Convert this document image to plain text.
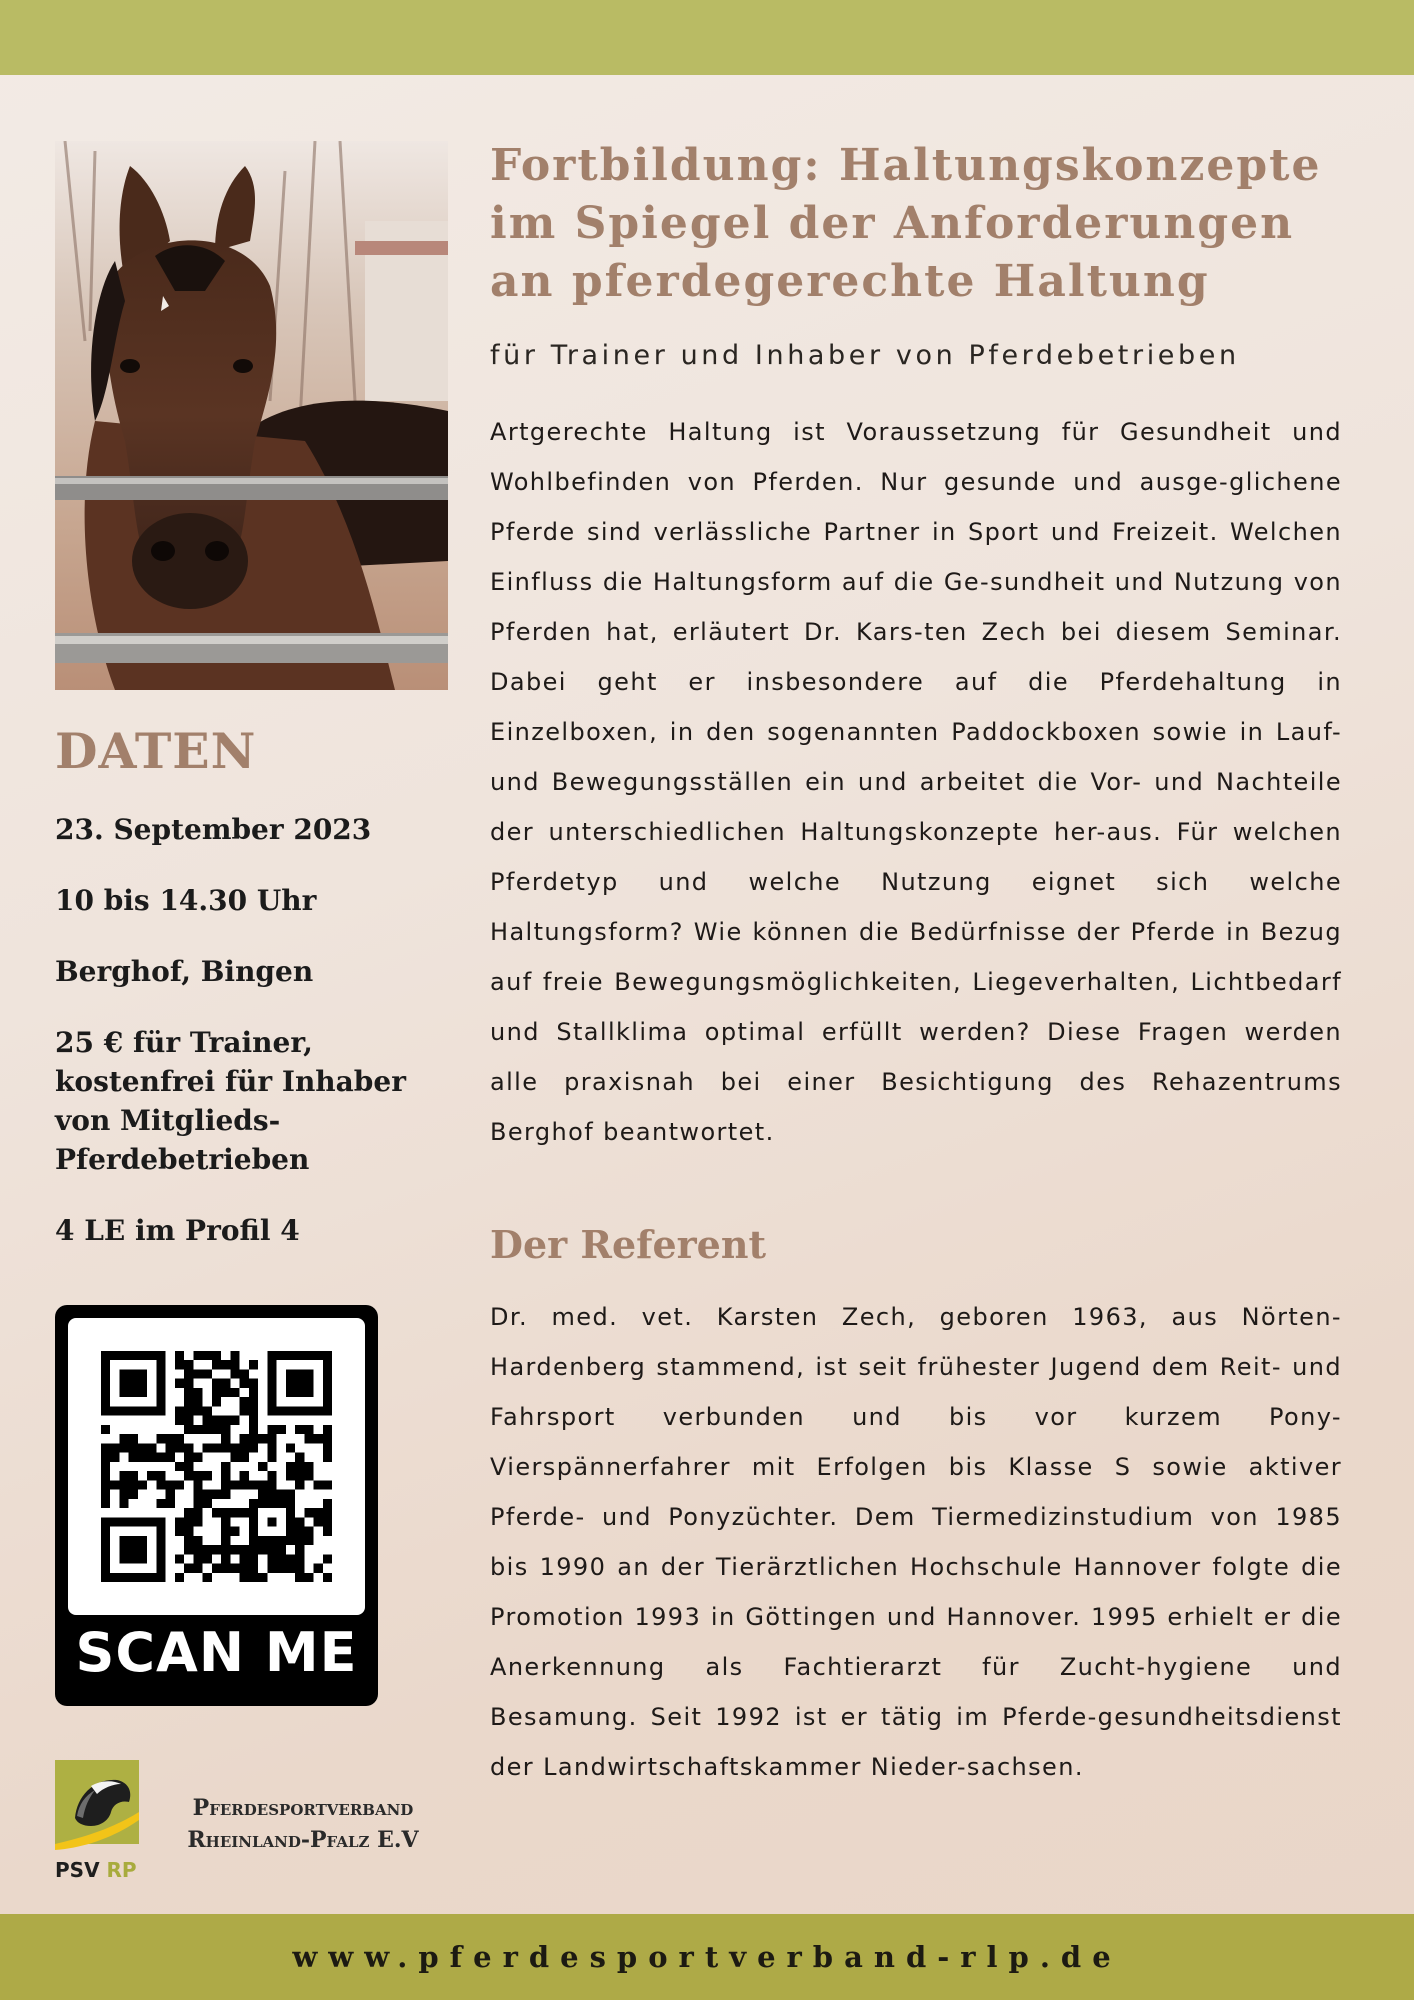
DATEN
23. September 2023
10 bis 14.30 Uhr
Berghof, Bingen
25 € für Trainer, kostenfrei für Inhaber von Mitglieds-Pferdebetrieben
4 LE im Profil 4
SCAN ME
PSV RP
Pferdesportverband
Rheinland-Pfalz E.V
Fortbildung: Haltungskonzepte
im Spiegel der Anforderungen
an pferdegerechte Haltung
für Trainer und Inhaber von Pferdebetrieben

Artgerechte Haltung ist Voraussetzung für Gesundheit und Wohlbefinden von Pferden. Nur gesunde und ausge-glichene Pferde sind verlässliche Partner in Sport und Freizeit. Welchen Einfluss die Haltungsform auf die Ge-sundheit und Nutzung von Pferden hat, erläutert Dr. Kars-ten Zech bei diesem Seminar. Dabei geht er insbesondere auf die Pferdehaltung in Einzelboxen, in den sogenannten Paddockboxen sowie in Lauf- und Bewegungsställen ein und arbeitet die Vor- und Nachteile der unterschiedlichen Haltungskonzepte her-aus. Für welchen Pferdetyp und welche Nutzung eignet sich welche Haltungsform? Wie können die Bedürfnisse der Pferde in Bezug auf freie Bewegungsmöglichkeiten, Liegeverhalten, Lichtbedarf und Stallklima optimal erfüllt werden? Diese Fragen werden alle praxisnah bei einer Besichtigung des Rehazentrums Berghof beantwortet.

Der Referent

Dr. med. vet. Karsten Zech, geboren 1963, aus Nörten-Hardenberg stammend, ist seit frühester Jugend dem Reit- und Fahrsport verbunden und bis vor kurzem Pony-Vierspännerfahrer mit Erfolgen bis Klasse S sowie aktiver Pferde- und Ponyzüchter. Dem Tiermedizinstudium von 1985 bis 1990 an der Tierärztlichen Hochschule Hannover folgte die Promotion 1993 in Göttingen und Hannover. 1995 erhielt er die Anerkennung als Fachtierarzt für Zucht-hygiene und Besamung. Seit 1992 ist er tätig im Pferde-gesundheitsdienst der Landwirtschaftskammer Nieder-sachsen.

www.pferdesportverband-rlp.de
